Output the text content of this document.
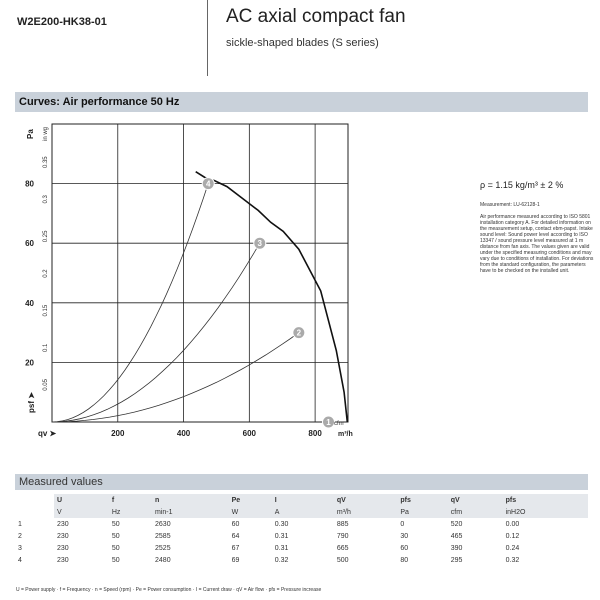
W2E200-HK38-01	AC axial compact fan
sickle-shaped blades (S series)
Curves: Air performance 50 Hz
20
40
60
80
0.05
0.1
0.15
0.2
0.25
0.3
0.35
200	400	600	800
1
2
3
4
Pa in wg
psf ➤
qv ➤	m³/h
cfm
ρ = 1.15 kg/m³ ± 2 %
Measurement: LU-62128-1
Air performance measured according to ISO 5801 installation category A. For detailed information on the measurement setup, contact ebm-papst. Intake sound level: Sound power level according to ISO 13347 / sound pressure level measured at 1 m distance from fan axis. The values given are valid under the specified measuring conditions and may vary due to conditions of installation. For deviations from the standard configuration, the parameters have to be checked on the installed unit.
Measured values
	U	f	n	Pe	I	qV	pfs	qV	pfs
	V	Hz	min-1	W	A	m³/h	Pa	cfm	inH2O
1	230	50	2630	60	0.30	885	0	520	0.00
2	230	50	2585	64	0.31	790	30	465	0.12
3	230	50	2525	67	0.31	665	60	390	0.24
4	230	50	2480	69	0.32	500	80	295	0.32
U = Power supply · f = Frequency · n = Speed (rpm) · Pe = Power consumption · I = Current draw · qV = Air flow · pfs = Pressure increase
